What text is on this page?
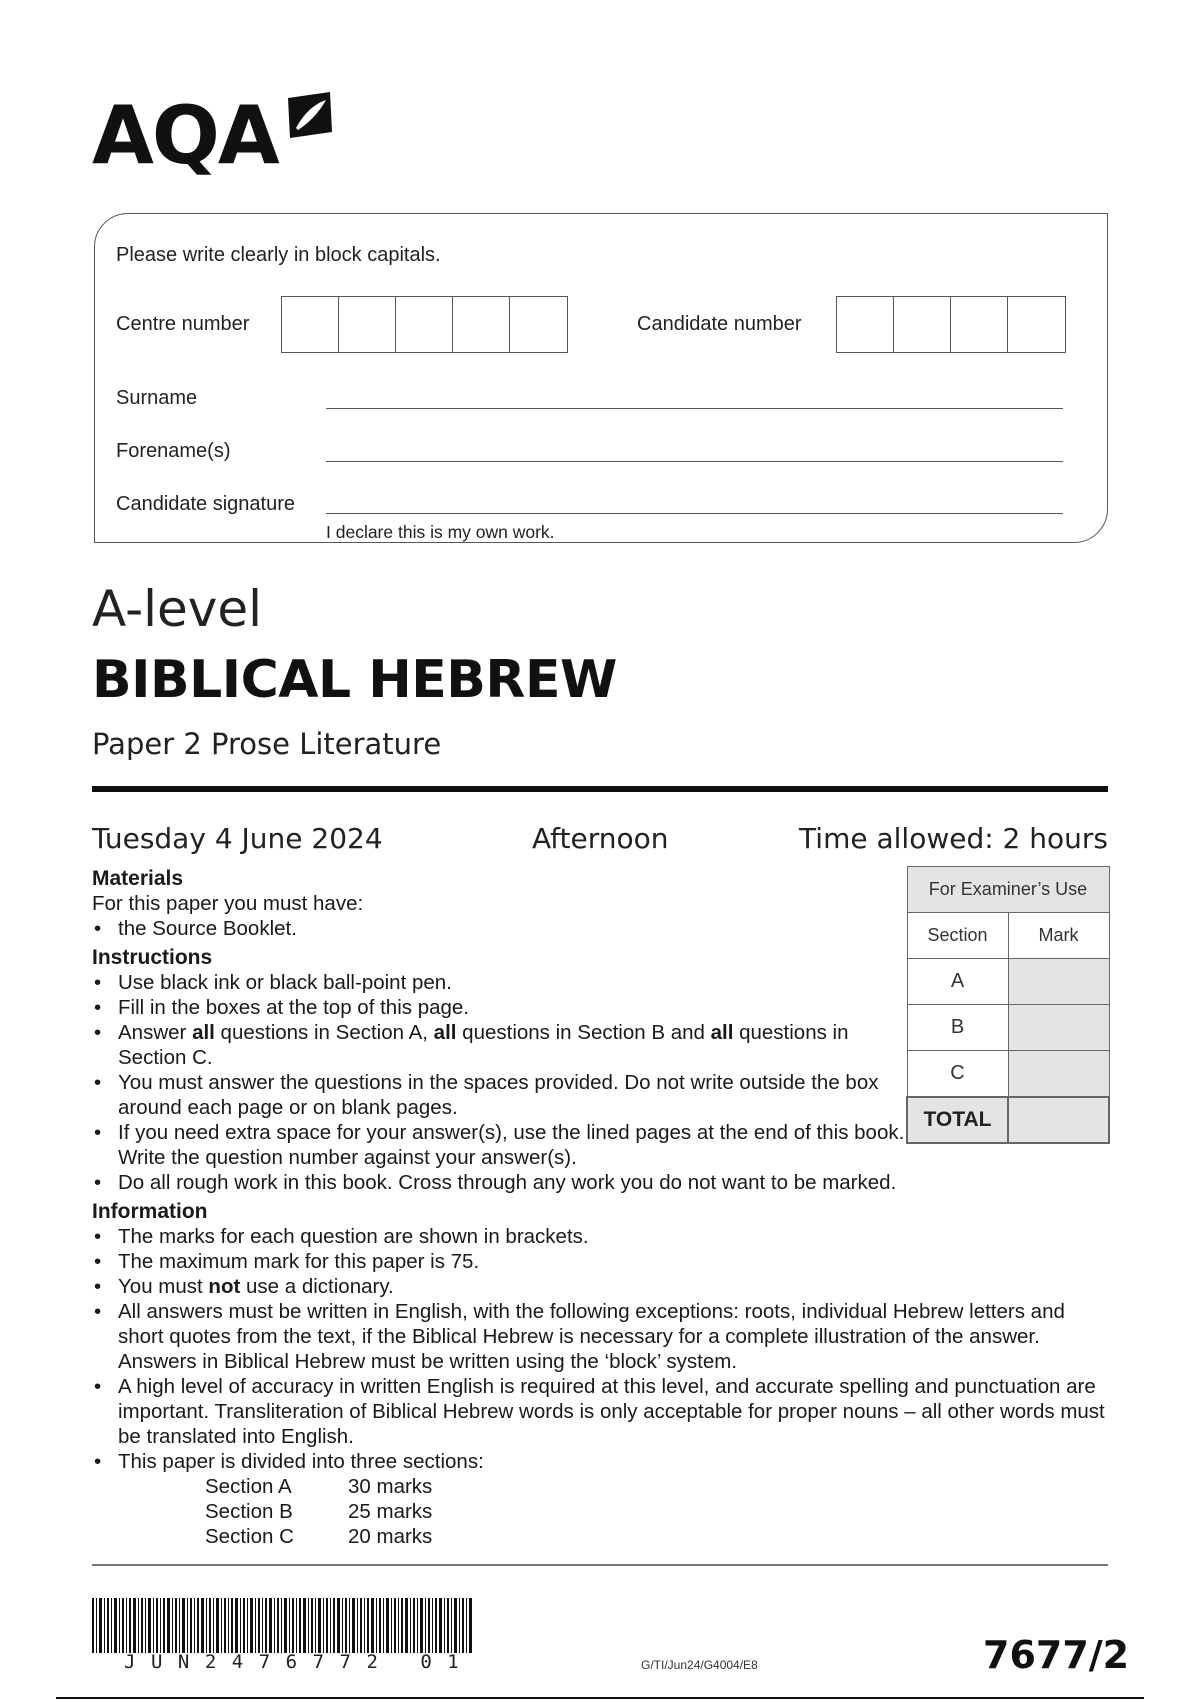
AQA
Please write clearly in block capitals.
Centre number	Candidate number
Surname
Forename(s)
Candidate signature
I declare this is my own work.
A-level
BIBLICAL HEBREW
Paper 2 Prose Literature
Tuesday 4 June 2024	Afternoon	Time allowed: 2 hours
Materials
For this paper you must have:
• the Source Booklet.
Instructions
• Use black ink or black ball-point pen.
• Fill in the boxes at the top of this page.
• Answer all questions in Section A, all questions in Section B and all questions in Section C.
• You must answer the questions in the spaces provided. Do not write outside the box around each page or on blank pages.
• If you need extra space for your answer(s), use the lined pages at the end of this book. Write the question number against your answer(s).
• Do all rough work in this book. Cross through any work you do not want to be marked.
Information
• The marks for each question are shown in brackets.
• The maximum mark for this paper is 75.
• You must not use a dictionary.
• All answers must be written in English, with the following exceptions: roots, individual Hebrew letters and short quotes from the text, if the Biblical Hebrew is necessary for a complete illustration of the answer. Answers in Biblical Hebrew must be written using the ‘block’ system.
• A high level of accuracy in written English is required at this level, and accurate spelling and punctuation are important. Transliteration of Biblical Hebrew words is only acceptable for proper nouns – all other words must be translated into English.
• This paper is divided into three sections:
Section A	30 marks
Section B	25 marks
Section C	20 marks
For Examiner’s Use	
Section	Mark
A	
B	
C	
TOTAL	
JUN2476772 01	G/TI/Jun24/G4004/E8	7677/2
